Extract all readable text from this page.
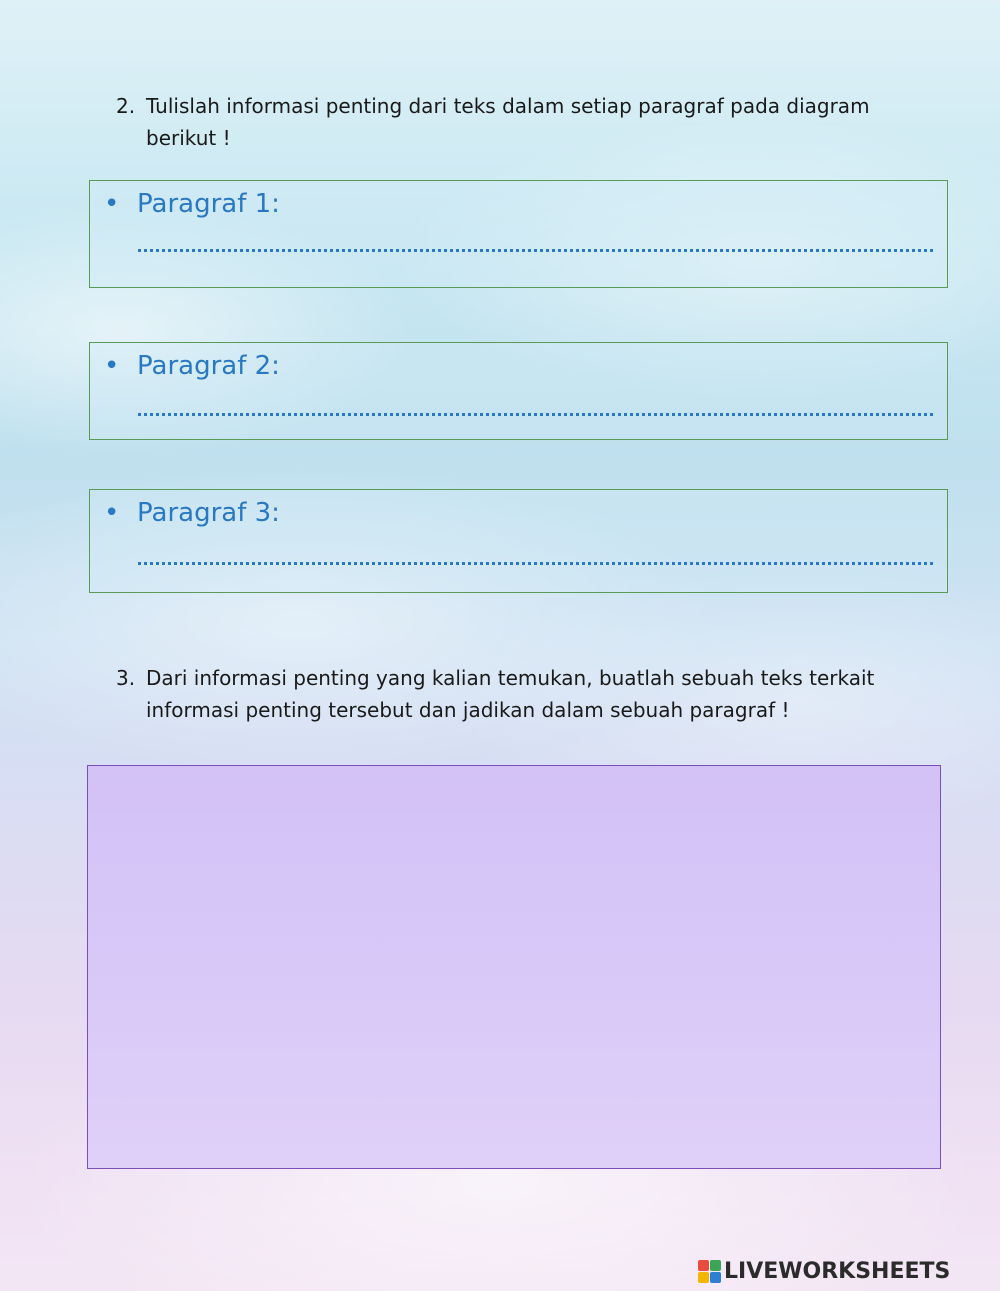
2. Tulislah informasi penting dari teks dalam setiap paragraf pada diagram berikut !
• Paragraf 1:
• Paragraf 2:
• Paragraf 3:
3. Dari informasi penting yang kalian temukan, buatlah sebuah teks terkait informasi penting tersebut dan jadikan dalam sebuah paragraf !
LIVEWORKSHEETS
